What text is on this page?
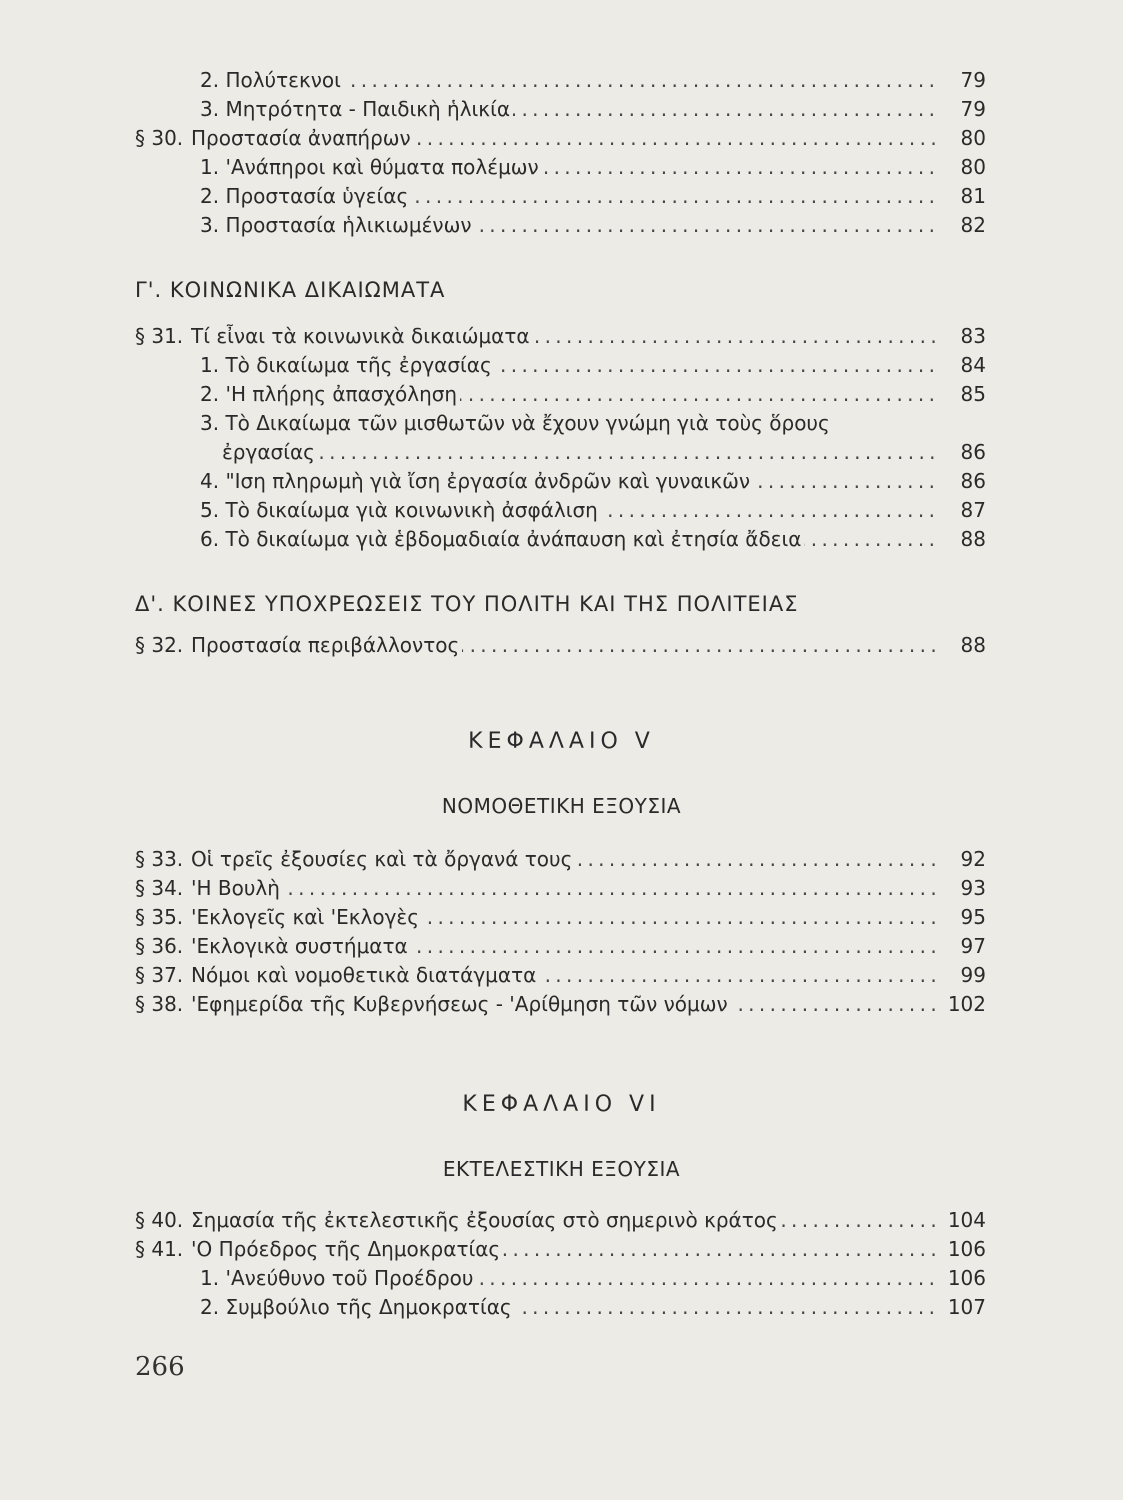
2. Πολύτεκνοι . . .	79
3. Μητρότητα - Παιδικὴ ἡλικία . . .	79
§ 30. Προστασία ἀναπήρων . . .	80
1. 'Ανάπηροι καὶ θύματα πολέμων . . .	80
2. Προστασία ὑγείας . . .	81
3. Προστασία ἡλικιωμένων . . .	82
Γ'. ΚΟΙΝΩΝΙΚΑ ΔΙΚΑΙΩΜΑΤΑ
§ 31. Τί εἶναι τὰ κοινωνικὰ δικαιώματα . . .	83
1. Τὸ δικαίωμα τῆς ἐργασίας . . .	84
2. 'Η πλήρης ἀπασχόληση . . .	85
3. Τὸ Δικαίωμα τῶν μισθωτῶν νὰ ἔχουν γνώμη γιὰ τοὺς ὅρους
ἐργασίας . . .	86
4. "Ιση πληρωμὴ γιὰ ἴση ἐργασία ἀνδρῶν καὶ γυναικῶν . . .	86
5. Τὸ δικαίωμα γιὰ κοινωνικὴ ἀσφάλιση . . .	87
6. Τὸ δικαίωμα γιὰ ἑβδομαδιαία ἀνάπαυση καὶ ἐτησία ἄδεια . . .	88
Δ'. ΚΟΙΝΕΣ ΥΠΟΧΡΕΩΣΕΙΣ ΤΟΥ ΠΟΛΙΤΗ ΚΑΙ ΤΗΣ ΠΟΛΙΤΕΙΑΣ
§ 32. Προστασία περιβάλλοντος . . .	88
ΚΕΦΑΛΑΙΟ V
ΝΟΜΟΘΕΤΙΚΗ ΕΞΟΥΣΙΑ
§ 33. Οἱ τρεῖς ἐξουσίες καὶ τὰ ὄργανά τους . . .	92
§ 34. 'Η Βουλὴ . . .	93
§ 35. 'Εκλογεῖς καὶ 'Εκλογὲς . . .	95
§ 36. 'Εκλογικὰ συστήματα . . .	97
§ 37. Νόμοι καὶ νομοθετικὰ διατάγματα . . .	99
§ 38. 'Εφημερίδα τῆς Κυβερνήσεως - 'Αρίθμηση τῶν νόμων . . .	102
ΚΕΦΑΛΑΙΟ VI
ΕΚΤΕΛΕΣΤΙΚΗ ΕΞΟΥΣΙΑ
§ 40. Σημασία τῆς ἐκτελεστικῆς ἐξουσίας στὸ σημερινὸ κράτος . . .	104
§ 41. 'Ο Πρόεδρος τῆς Δημοκρατίας . . .	106
1. 'Ανεύθυνο τοῦ Προέδρου . . .	106
2. Συμβούλιο τῆς Δημοκρατίας . . .	107
266
